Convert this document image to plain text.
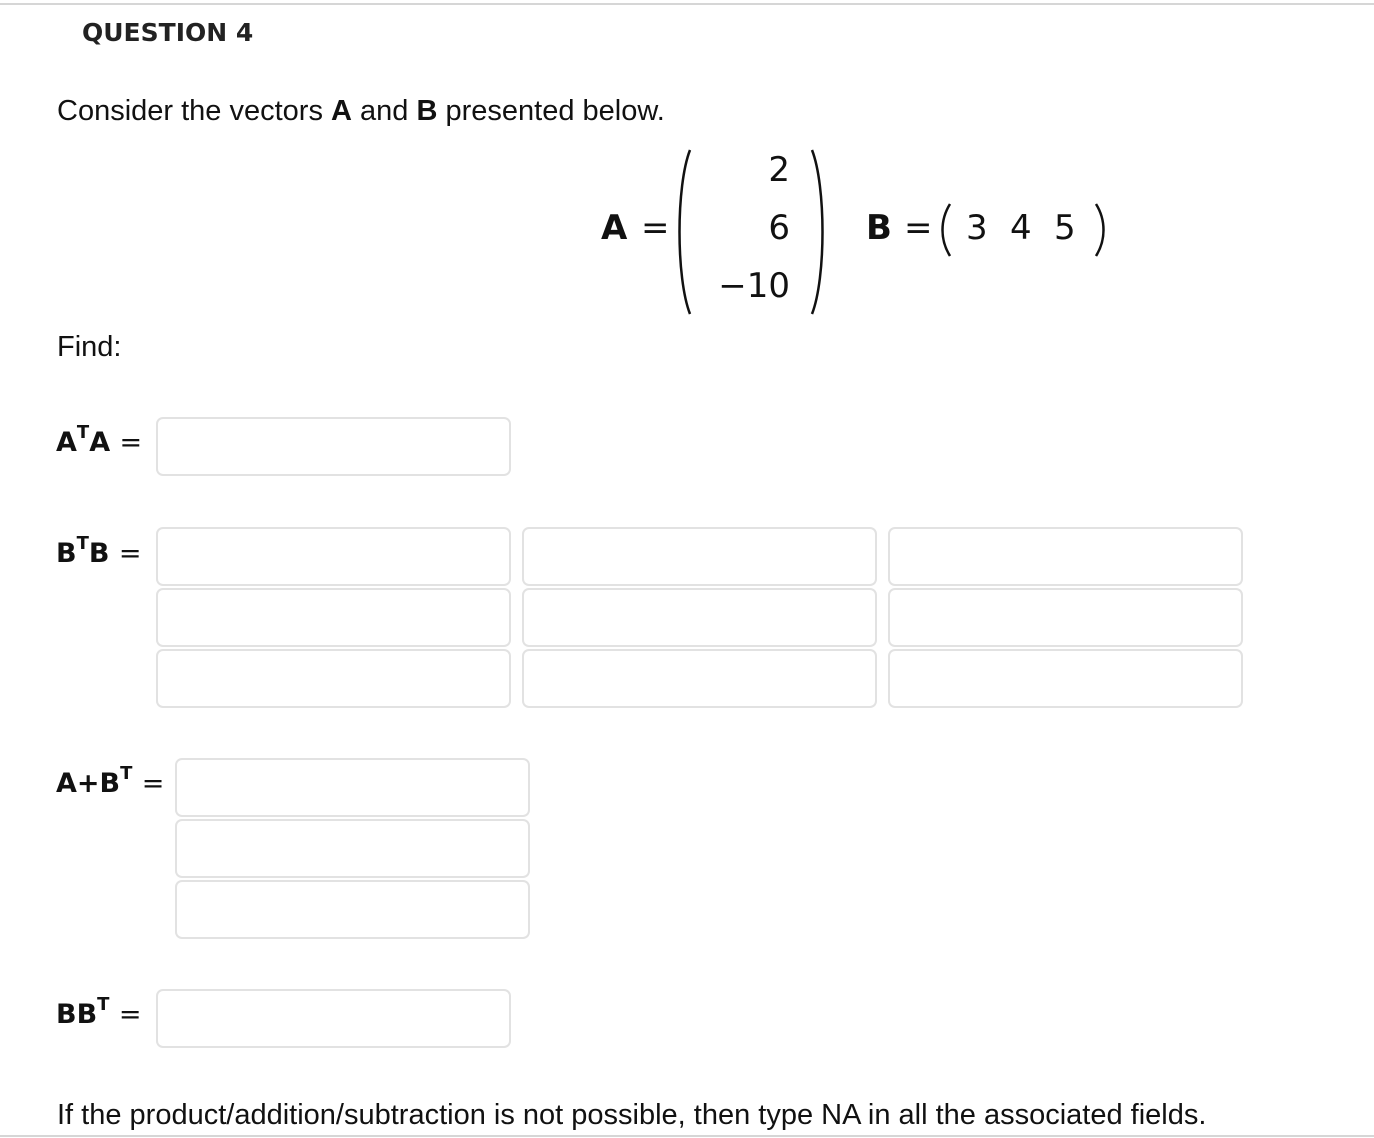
QUESTION 4
Consider the vectors A and B presented below.
A =
2
6
−10
B = 3 4 5
Find:
$A^TA$ =
$B^TB$ =
$A+B^T$ =
$BB^T$ =
If the product/addition/subtraction is not possible, then type NA in all the associated fields.
